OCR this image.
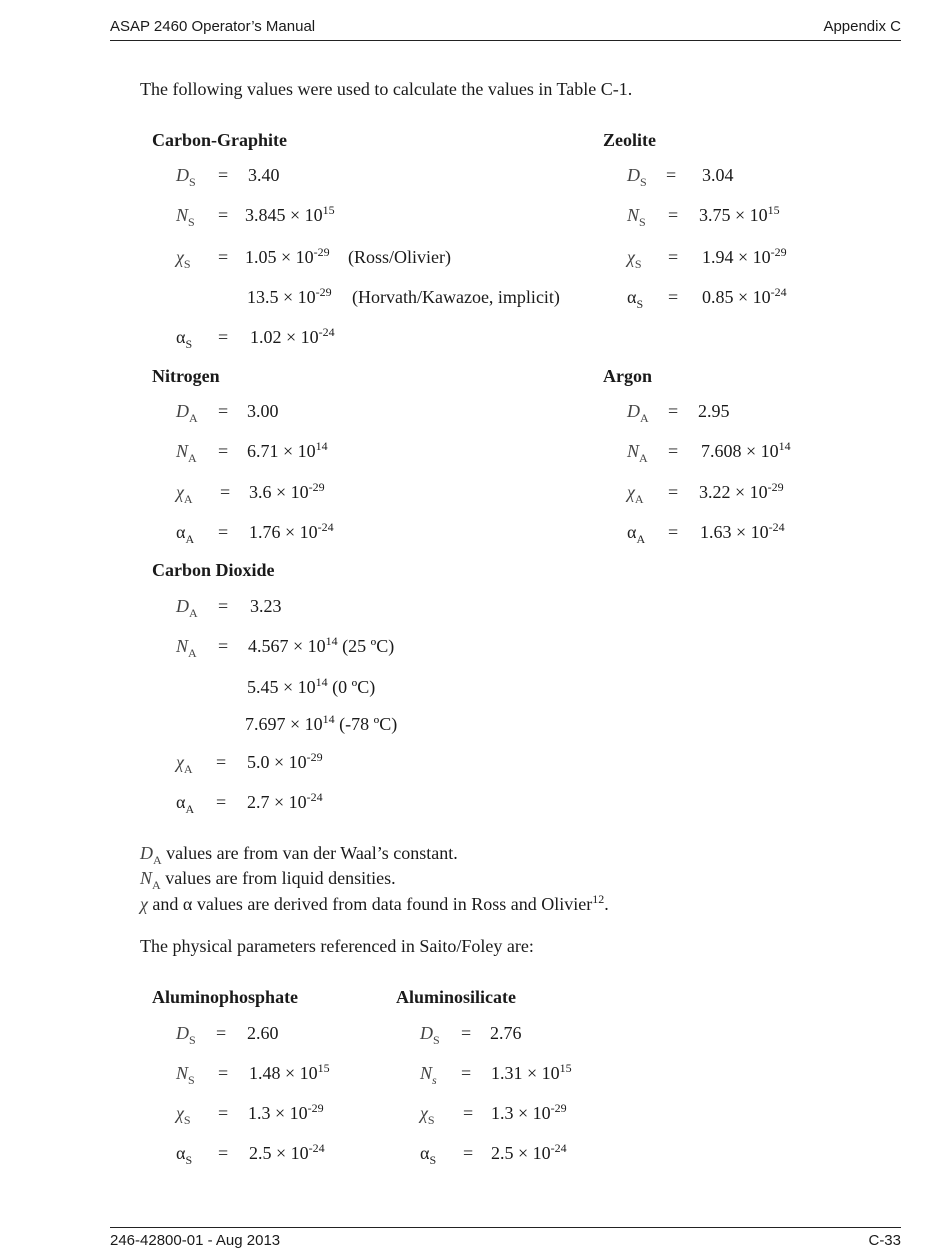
ASAP 2460 Operator’s Manual	Appendix C
The following values were used to calculate the values in Table C-1.
Carbon-Graphite
$D_S = 3.40$
$N_S = 3.845 \times 10^{15}$
$\chi_S = 1.05 \times 10^{-29}$ (Ross/Olivier)
$13.5 \times 10^{-29}$ (Horvath/Kawazoe, implicit)
$\alpha_S = 1.02 \times 10^{-24}$
Zeolite
$D_S = 3.04$
$N_S = 3.75 \times 10^{15}$
$\chi_S = 1.94 \times 10^{-29}$
$\alpha_S = 0.85 \times 10^{-24}$
Nitrogen
$D_A = 3.00$
$N_A = 6.71 \times 10^{14}$
$\chi_A = 3.6 \times 10^{-29}$
$\alpha_A = 1.76 \times 10^{-24}$
Argon
$D_A = 2.95$
$N_A = 7.608 \times 10^{14}$
$\chi_A = 3.22 \times 10^{-29}$
$\alpha_A = 1.63 \times 10^{-24}$
Carbon Dioxide
$D_A = 3.23$
$N_A = 4.567 \times 10^{14}$ (25 ºC)
$5.45 \times 10^{14}$ (0 ºC)
$7.697 \times 10^{14}$ (-78 ºC)
$\chi_A = 5.0 \times 10^{-29}$
$\alpha_A = 2.7 \times 10^{-24}$
$D_A$ values are from van der Waal’s constant.
$N_A$ values are from liquid densities.
χ and α values are derived from data found in Ross and Olivier$^{12}$.
The physical parameters referenced in Saito/Foley are:
Aluminophosphate
$D_S = 2.60$
$N_S = 1.48 \times 10^{15}$
$\chi_S = 1.3 \times 10^{-29}$
$\alpha_S = 2.5 \times 10^{-24}$
Aluminosilicate
$D_S = 2.76$
$N_s = 1.31 \times 10^{15}$
$\chi_S = 1.3 \times 10^{-29}$
$\alpha_S = 2.5 \times 10^{-24}$
246-42800-01 - Aug 2013	C-33
